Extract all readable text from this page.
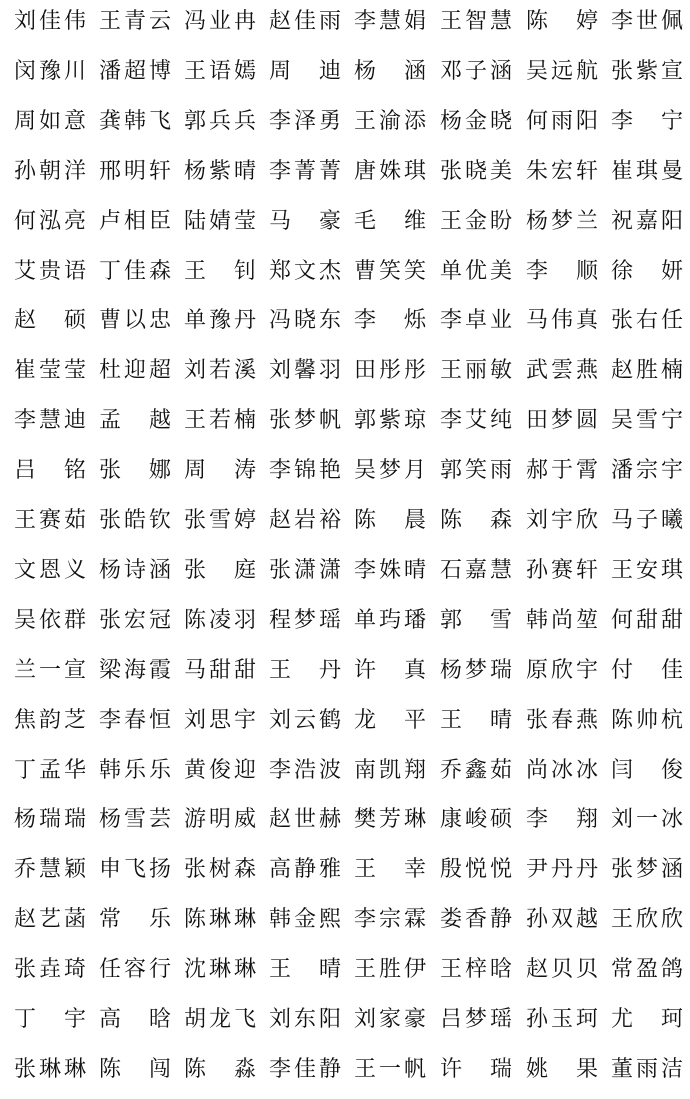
刘 佳 伟 王 青 云 冯 业 冉 赵 佳 雨 李 慧 娟 王 智 慧 陈 婷 李 世 佩
闵 豫 川 潘 超 博 王 语 嫣 周 迪 杨 涵 邓 子 涵 吴 远 航 张 紫 宣
周 如 意 龚 韩 飞 郭 兵 兵 李 泽 勇 王 渝 添 杨 金 晓 何 雨 阳 李 宁
孙 朝 洋 邢 明 轩 杨 紫 晴 李 菁 菁 唐 姝 琪 张 晓 美 朱 宏 轩 崔 琪 曼
何 泓 亮 卢 相 臣 陆 婧 莹 马 豪 毛 维 王 金 盼 杨 梦 兰 祝 嘉 阳
艾 贵 语 丁 佳 森 王 钊 郑 文 杰 曹 笑 笑 单 优 美 李 顺 徐 妍
赵 硕 曹 以 忠 单 豫 丹 冯 晓 东 李 烁 李 卓 业 马 伟 真 张 右 任
崔 莹 莹 杜 迎 超 刘 若 溪 刘 馨 羽 田 彤 彤 王 丽 敏 武 雲 燕 赵 胜 楠
李 慧 迪 孟 越 王 若 楠 张 梦 帆 郭 紫 琼 李 艾 纯 田 梦 圆 吴 雪 宁
吕 铭 张 娜 周 涛 李 锦 艳 吴 梦 月 郭 笑 雨 郝 于 霄 潘 宗 宇
王 赛 茹 张 皓 钦 张 雪 婷 赵 岩 裕 陈 晨 陈 森 刘 宇 欣 马 子 曦
文 恩 义 杨 诗 涵 张 庭 张 潇 潇 李 姝 晴 石 嘉 慧 孙 赛 轩 王 安 琪
吴 依 群 张 宏 冠 陈 凌 羽 程 梦 瑶 单 玙 璠 郭 雪 韩 尚 堃 何 甜 甜
兰 一 宣 梁 海 霞 马 甜 甜 王 丹 许 真 杨 梦 瑞 原 欣 宇 付 佳
焦 韵 芝 李 春 恒 刘 思 宇 刘 云 鹤 龙 平 王 晴 张 春 燕 陈 帅 杭
丁 孟 华 韩 乐 乐 黄 俊 迎 李 浩 波 南 凯 翔 乔 鑫 茹 尚 冰 冰 闫 俊
杨 瑞 瑞 杨 雪 芸 游 明 威 赵 世 赫 樊 芳 琳 康 峻 硕 李 翔 刘 一 冰
乔 慧 颖 申 飞 扬 张 树 森 高 静 雅 王 幸 殷 悦 悦 尹 丹 丹 张 梦 涵
赵 艺 菡 常 乐 陈 琳 琳 韩 金 熙 李 宗 霖 娄 香 静 孙 双 越 王 欣 欣
张 垚 琦 任 容 行 沈 琳 琳 王 晴 王 胜 伊 王 梓 晗 赵 贝 贝 常 盈 鸽
丁 宇 高 晗 胡 龙 飞 刘 东 阳 刘 家 豪 吕 梦 瑶 孙 玉 珂 尤 珂
张 琳 琳 陈 闯 陈 淼 李 佳 静 王 一 帆 许 瑞 姚 果 董 雨 洁
